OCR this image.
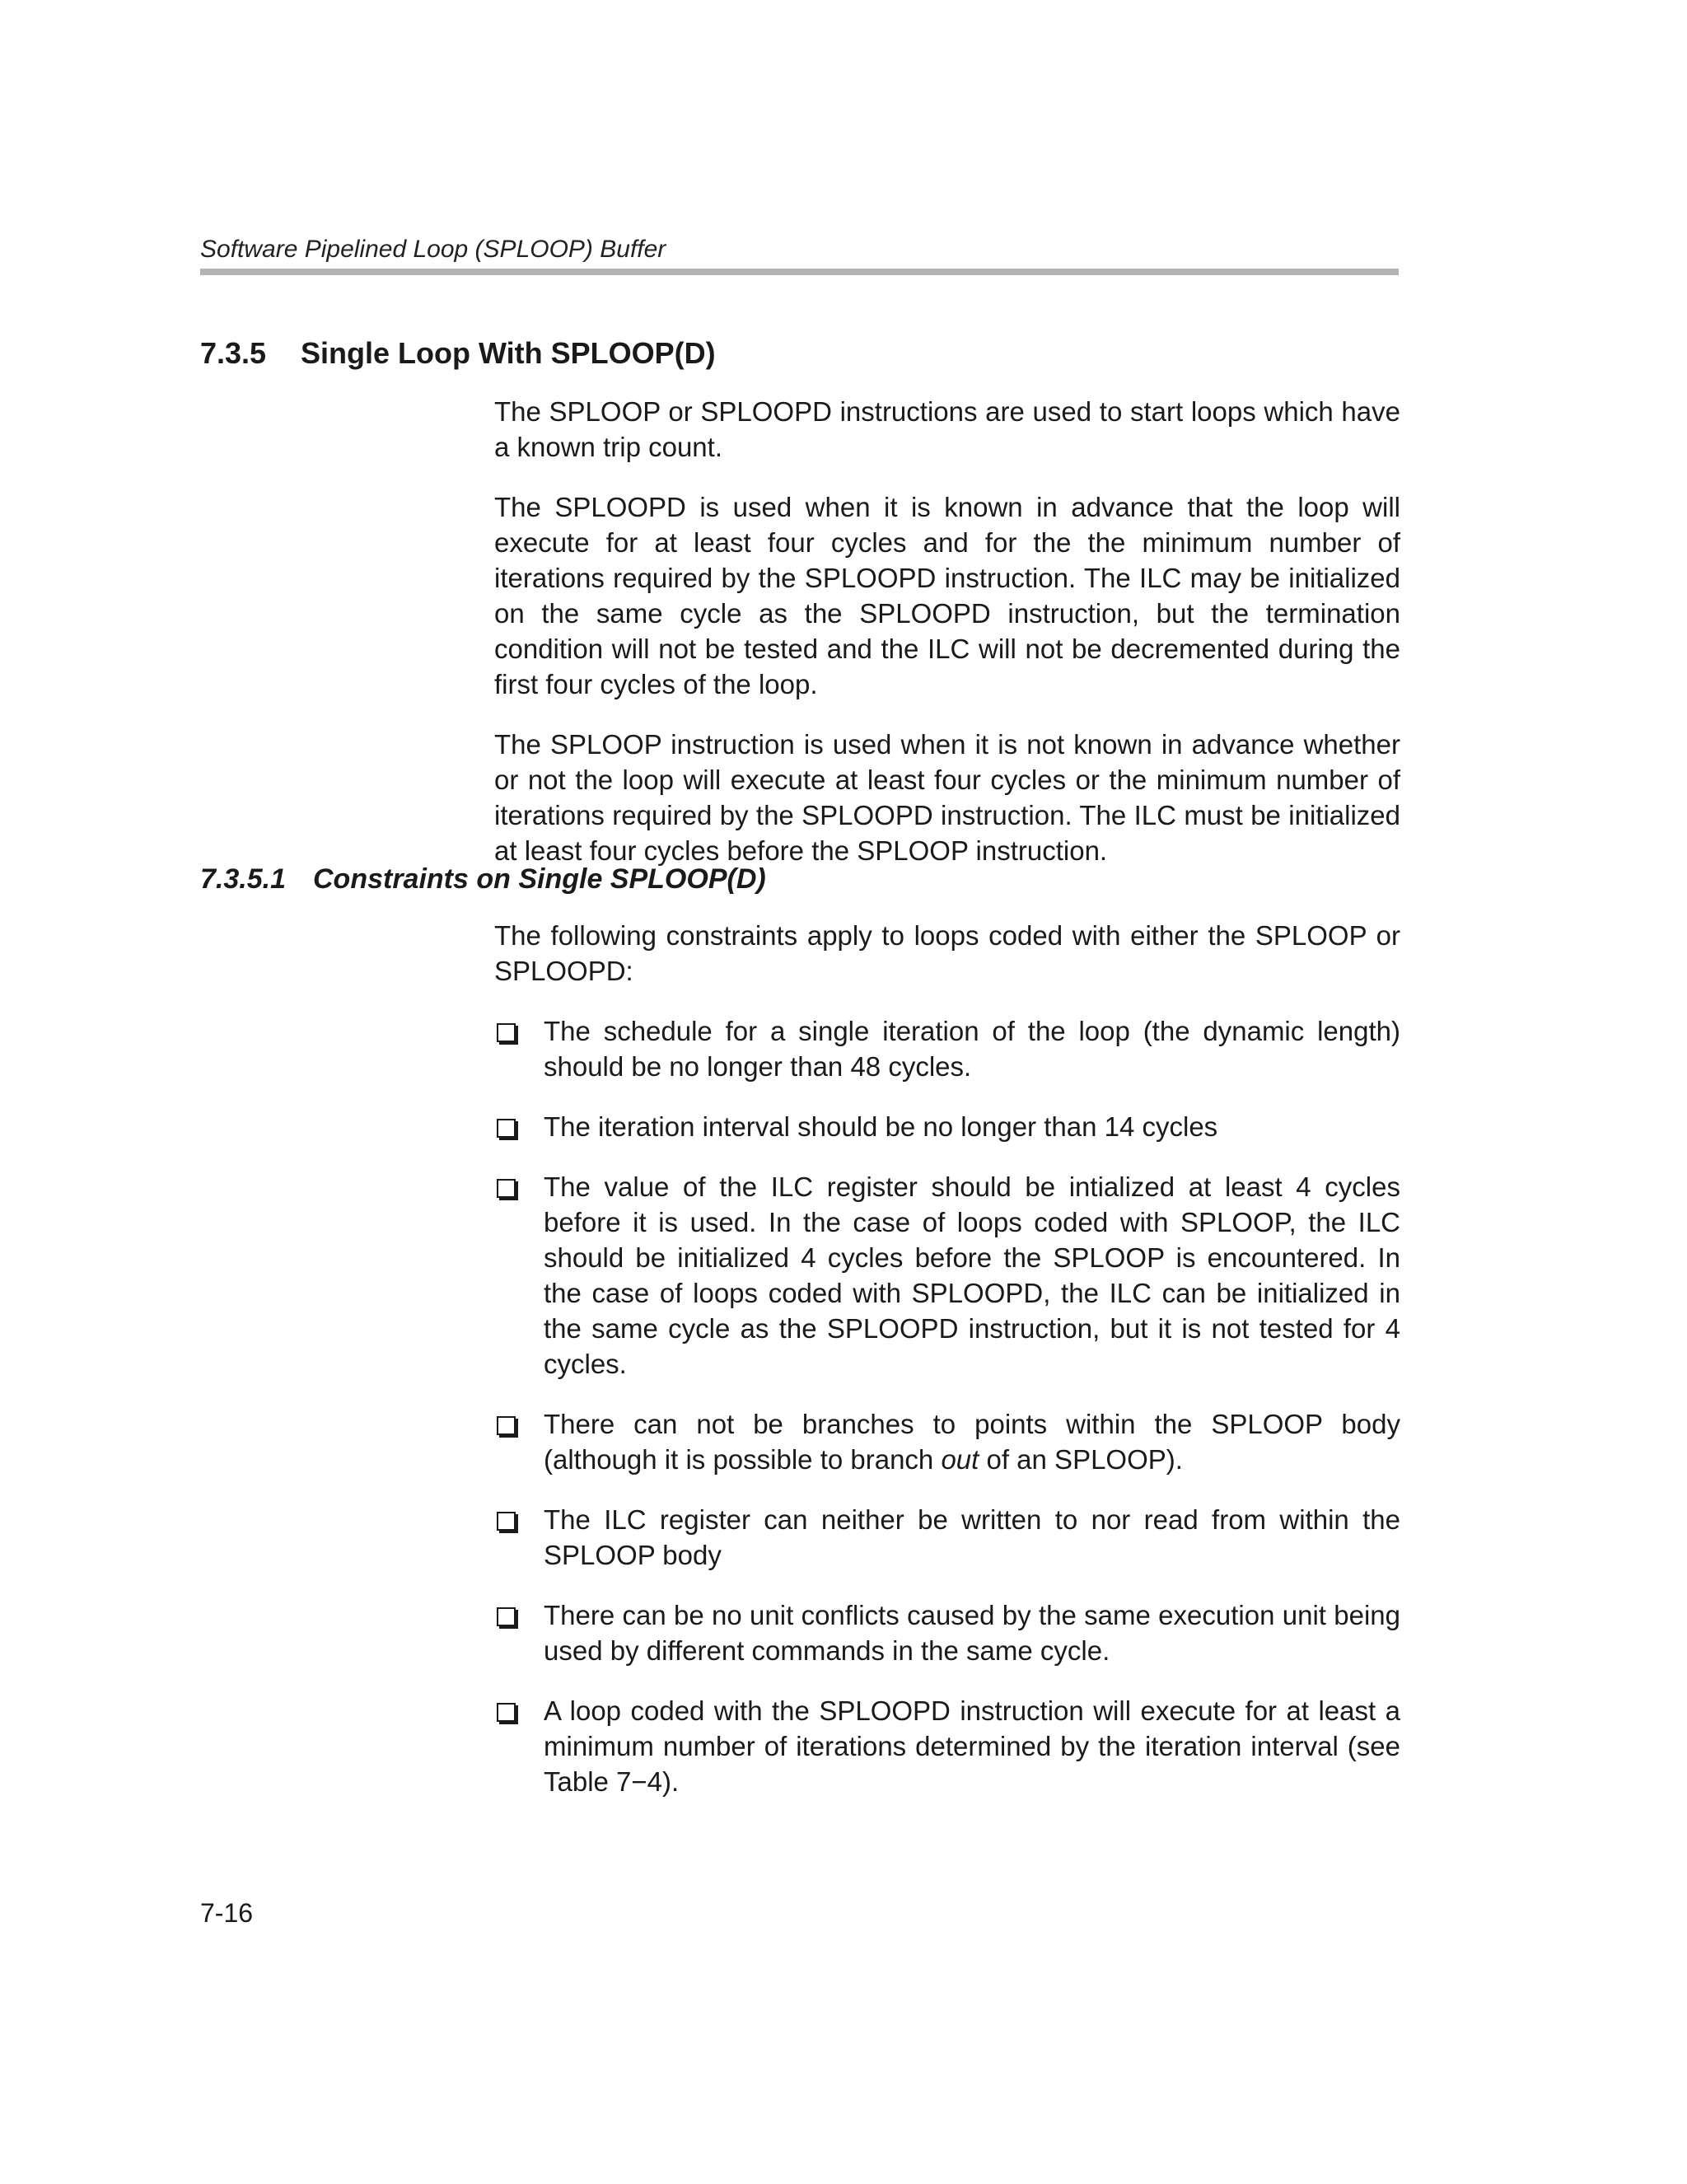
Software Pipelined Loop (SPLOOP) Buffer
7.3.5 Single Loop With SPLOOP(D)

The SPLOOP or SPLOOPD instructions are used to start loops which have a known trip count.

The SPLOOPD is used when it is known in advance that the loop will execute for at least four cycles and for the the minimum number of iterations required by the SPLOOPD instruction. The ILC may be initialized on the same cycle as the SPLOOPD instruction, but the termination condition will not be tested and the ILC will not be decremented during the first four cycles of the loop.

The SPLOOP instruction is used when it is not known in advance whether or not the loop will execute at least four cycles or the minimum number of iterations required by the SPLOOPD instruction. The ILC must be initialized at least four cycles before the SPLOOP instruction.

7.3.5.1 Constraints on Single SPLOOP(D)

The following constraints apply to loops coded with either the SPLOOP or SPLOOPD:

The schedule for a single iteration of the loop (the dynamic length) should be no longer than 48 cycles.
The iteration interval should be no longer than 14 cycles
The value of the ILC register should be intialized at least 4 cycles before it is used. In the case of loops coded with SPLOOP, the ILC should be initialized 4 cycles before the SPLOOP is encountered. In the case of loops coded with SPLOOPD, the ILC can be initialized in the same cycle as the SPLOOPD instruction, but it is not tested for 4 cycles.
There can not be branches to points within the SPLOOP body (although it is possible to branch out of an SPLOOP).
The ILC register can neither be written to nor read from within the SPLOOP body
There can be no unit conflicts caused by the same execution unit being used by different commands in the same cycle.
A loop coded with the SPLOOPD instruction will execute for at least a minimum number of iterations determined by the iteration interval (see Table 7−4).
7-16
